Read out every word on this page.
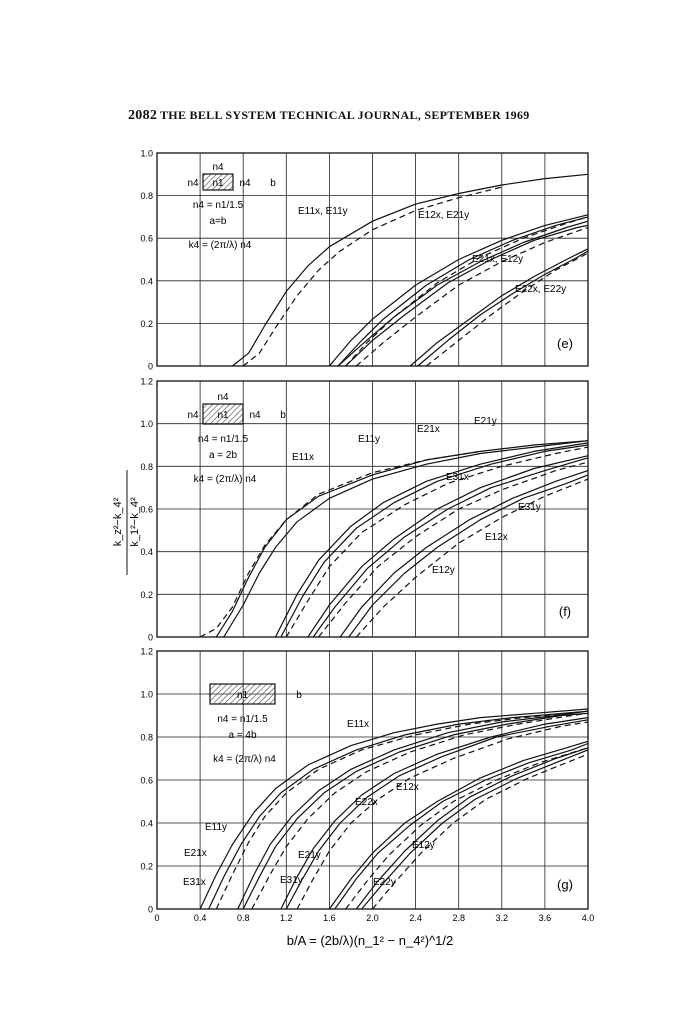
2082 THE BELL SYSTEM TECHNICAL JOURNAL, SEPTEMBER 1969
0
0.2
0.4
0.6
0.8
1.0
(e)
E11x, E11y	E12x, E21y
E21x, E12y
E22x, E22y
n4
n4	n4
n1	b
n4 = n1/1.5
a=b
k4 = (2π/λ) n4
0
0.2
0.4
0.6
0.8
1.0
1.2
(f)
E11x
E11y
E21x
E21y
E31x
E31y
E12x
E12y
n4
n4	n4
n1	b
n4 = n1/1.5
a = 2b
k4 = (2π/λ) n4
0
0.2
0.4
0.6
0.8
1.0
1.2
0	0.4	0.8	1.2	1.6	2.0	2.4	2.8	3.2	3.6	4.0
(g)
E11x
E11y
E21x	E21y
E31x	E31y
E12x
E12y
E22x
E22y
n1	b
n4 = n1/1.5
a = 4b
k4 = (2π/λ) n4
k_z²−k_4² k_1²−k_4²
b/A = (2b/λ)(n_1² − n_4²)^1/2
